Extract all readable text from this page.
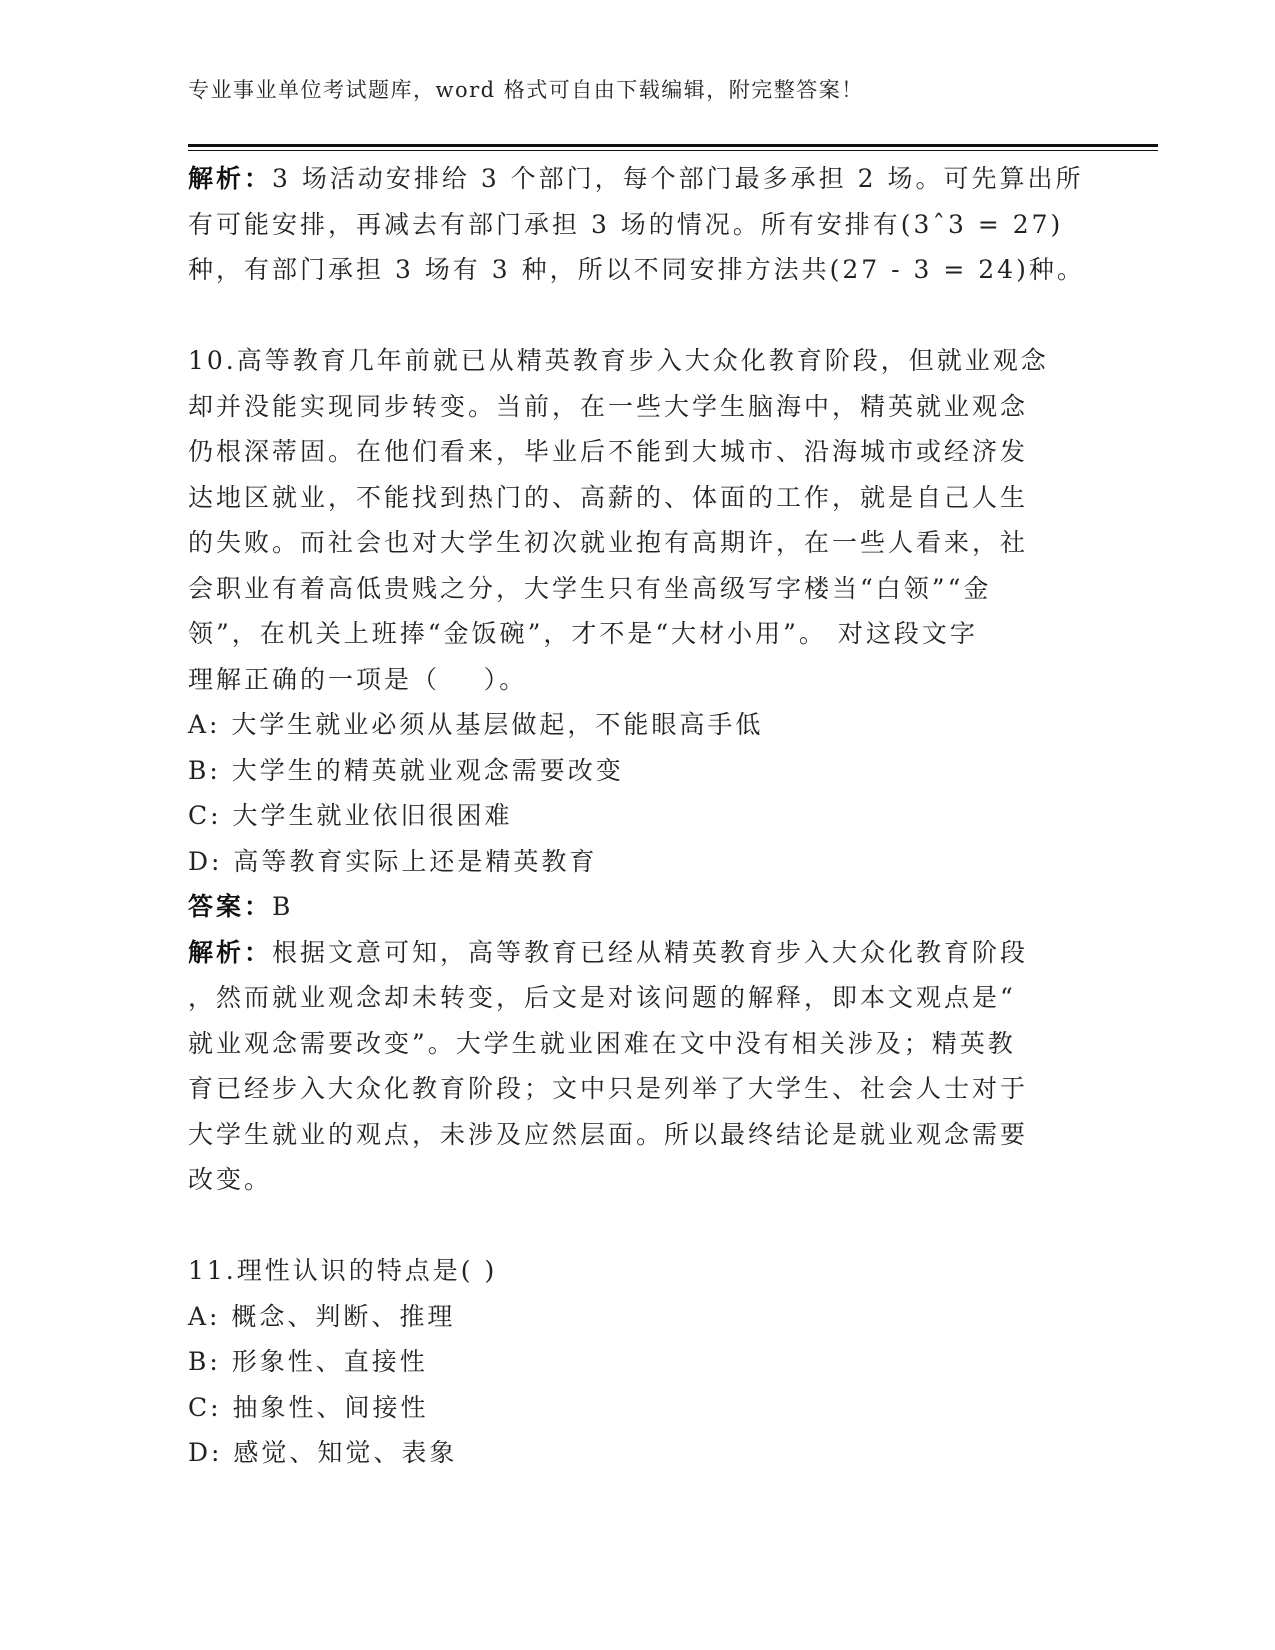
专业事业单位考试题库，word 格式可自由下载编辑，附完整答案！
解析：3 场活动安排给 3 个部门，每个部门最多承担 2 场。可先算出所
有可能安排，再减去有部门承担 3 场的情况。所有安排有(3ˆ3 = 27)
种，有部门承担 3 场有 3 种，所以不同安排方法共(27 - 3 = 24)种。
10.高等教育几年前就已从精英教育步入大众化教育阶段，但就业观念
却并没能实现同步转变。当前，在一些大学生脑海中，精英就业观念
仍根深蒂固。在他们看来，毕业后不能到大城市、沿海城市或经济发
达地区就业，不能找到热门的、高薪的、体面的工作，就是自己人生
的失败。而社会也对大学生初次就业抱有高期许，在一些人看来，社
会职业有着高低贵贱之分，大学生只有坐高级写字楼当“白领”“金
领”，在机关上班捧“金饭碗”，才不是“大材小用”。 对这段文字
理解正确的一项是（    ）。
A: 大学生就业必须从基层做起，不能眼高手低
B: 大学生的精英就业观念需要改变
C: 大学生就业依旧很困难
D: 高等教育实际上还是精英教育
答案：B
解析：根据文意可知，高等教育已经从精英教育步入大众化教育阶段
，然而就业观念却未转变，后文是对该问题的解释，即本文观点是“
就业观念需要改变”。大学生就业困难在文中没有相关涉及；精英教
育已经步入大众化教育阶段；文中只是列举了大学生、社会人士对于
大学生就业的观点，未涉及应然层面。所以最终结论是就业观念需要
改变。
11.理性认识的特点是( )
A: 概念、判断、推理
B: 形象性、直接性
C: 抽象性、间接性
D: 感觉、知觉、表象
